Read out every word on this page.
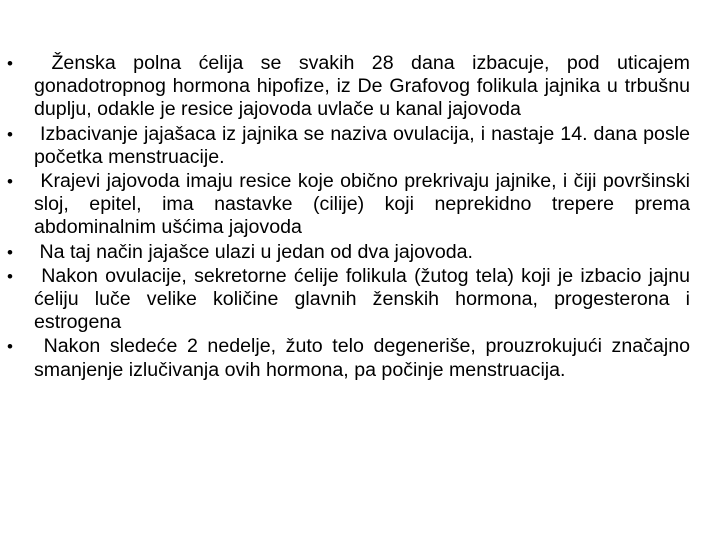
• Ženska polna ćelija se svakih 28 dana izbacuje, pod uticajem gonadotropnog hormona hipofize, iz De Grafovog folikula jajnika u trbušnu duplju, odakle je resice jajovoda uvlače u kanal jajovoda
• Izbacivanje jajašaca iz jajnika se naziva ovulacija, i nastaje 14. dana posle početka menstruacije.
• Krajevi jajovoda imaju resice koje obično prekrivaju jajnike, i čiji površinski sloj, epitel, ima nastavke (cilije) koji neprekidno trepere prema abdominalnim ušćima jajovoda
• Na taj način jajašce ulazi u jedan od dva jajovoda.
• Nakon ovulacije, sekretorne ćelije folikula (žutog tela) koji je izbacio jajnu ćeliju luče velike količine glavnih ženskih hormona, progesterona i estrogena
• Nakon sledeće 2 nedelje, žuto telo degeneriše, prouzrokujući značajno smanjenje izlučivanja ovih hormona, pa počinje menstruacija.
